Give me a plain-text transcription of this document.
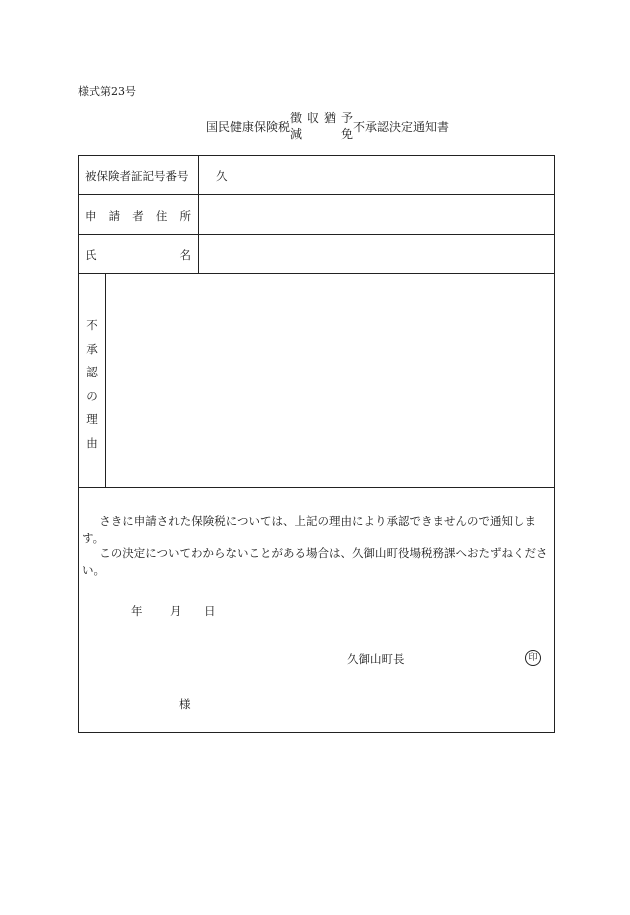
様式第23号
国民健康保険税
徴
減
収 猶 予
免 不承認決定通知書
被保険者証記号番号 久
申 請 者 住 所
氏	名
不
承
認
の
理
由
さきに申請された保険税については、上記の理由により承認できませんので通知します。
この決定についてわからないことがある場合は、久御山町役場税務課へおたずねください。
年 月 日
久御山町長	印
様
